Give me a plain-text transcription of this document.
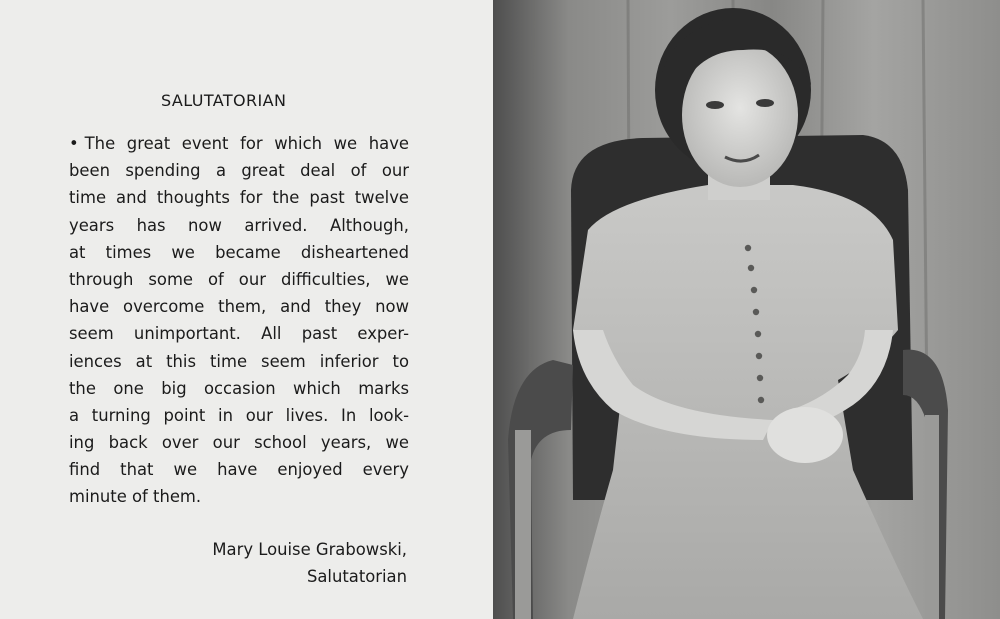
SALUTATORIAN
• The great event for which we have
been spending a great deal of our
time and thoughts for the past twelve
years has now arrived. Although,
at times we became disheartened
through some of our difficulties, we
have overcome them, and they now
seem unimportant. All past exper-
iences at this time seem inferior to
the one big occasion which marks
a turning point in our lives. In look-
ing back over our school years, we
find that we have enjoyed every
minute of them.
Mary Louise Grabowski,
Salutatorian
